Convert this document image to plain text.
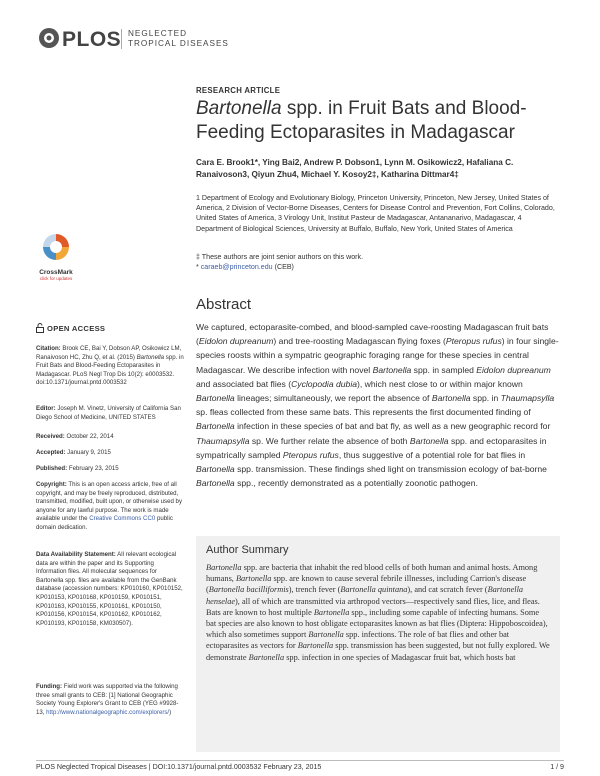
PLOS NEGLECTED
TROPICAL DISEASES
CrossMark
click for updates
RESEARCH ARTICLE
Bartonella spp. in Fruit Bats and Blood-Feeding Ectoparasites in Madagascar
Cara E. Brook1*, Ying Bai2, Andrew P. Dobson1, Lynn M. Osikowicz2, Hafaliana C. Ranaivoson3, Qiyun Zhu4, Michael Y. Kosoy2‡, Katharina Dittmar4‡
1 Department of Ecology and Evolutionary Biology, Princeton University, Princeton, New Jersey, United States of America, 2 Division of Vector-Borne Diseases, Centers for Disease Control and Prevention, Fort Collins, Colorado, United States of America, 3 Virology Unit, Institut Pasteur de Madagascar, Antananarivo, Madagascar, 4 Department of Biological Sciences, University at Buffalo, Buffalo, New York, United States of America
‡ These authors are joint senior authors on this work.
* caraeb@princeton.edu (CEB)
Abstract
We captured, ectoparasite-combed, and blood-sampled cave-roosting Madagascan fruit bats (Eidolon dupreanum) and tree-roosting Madagascan flying foxes (Pteropus rufus) in four single-species roosts within a sympatric geographic foraging range for these species in central Madagascar. We describe infection with novel Bartonella spp. in sampled Eidolon dupreanum and associated bat flies (Cyclopodia dubia), which nest close to or within major known Bartonella lineages; simultaneously, we report the absence of Bartonella spp. in Thaumapsylla sp. fleas collected from these same bats. This represents the first documented finding of Bartonella infection in these species of bat and bat fly, as well as a new geographic record for Thaumapsylla sp. We further relate the absence of both Bartonella spp. and ectoparasites in sympatrically sampled Pteropus rufus, thus suggestive of a potential role for bat flies in Bartonella spp. transmission. These findings shed light on transmission ecology of bat-borne Bartonella spp., recently demonstrated as a potentially zoonotic pathogen.
OPEN ACCESS
Citation: Brook CE, Bai Y, Dobson AP, Osikowicz LM, Ranaivoson HC, Zhu Q, et al. (2015) Bartonella spp. in Fruit Bats and Blood-Feeding Ectoparasites in Madagascar. PLoS Negl Trop Dis 10(2): e0003532. doi:10.1371/journal.pntd.0003532
Editor: Joseph M. Vinetz, University of California San Diego School of Medicine, UNITED STATES
Received: October 22, 2014
Accepted: January 9, 2015
Published: February 23, 2015
Copyright: This is an open access article, free of all copyright, and may be freely reproduced, distributed, transmitted, modified, built upon, or otherwise used by anyone for any lawful purpose. The work is made available under the Creative Commons CC0 public domain dedication.
Data Availability Statement: All relevant ecological data are within the paper and its Supporting Information files. All molecular sequences for Bartonella spp. files are available from the GenBank database (accession numbers: KP010160, KP010152, KP010153, KP010168, KP010159, KP010151, KP010163, KP010155, KP010161, KP010150, KP010156, KP010154, KP010162, KP010162, KP010193, KP010158, KM030507).
Funding: Field work was supported via the following three small grants to CEB: [1] National Geographic Society Young Explorer's Grant to CEB (YEG #9928-13, http://www.nationalgeographic.com/explorers/)
Author Summary
Bartonella spp. are bacteria that inhabit the red blood cells of both human and animal hosts. Among humans, Bartonella spp. are known to cause several febrile illnesses, including Carrion's disease (Bartonella bacilliformis), trench fever (Bartonella quintana), and cat scratch fever (Bartonella henselae), all of which are transmitted via arthropod vectors—respectively sand flies, lice, and fleas. Bats are known to host multiple Bartonella spp., including some capable of infecting humans. Some bat species are also known to host obligate ectoparasites known as bat flies (Diptera: Hippoboscoidea), which also sometimes support Bartonella spp. infections. The role of bat flies and other bat ectoparasites as vectors for Bartonella spp. transmission has been suggested, but not fully explored. We demonstrate Bartonella spp. infection in one species of Madagascar fruit bat, which hosts bat
PLOS Neglected Tropical Diseases | DOI:10.1371/journal.pntd.0003532 February 23, 2015	1 / 9
